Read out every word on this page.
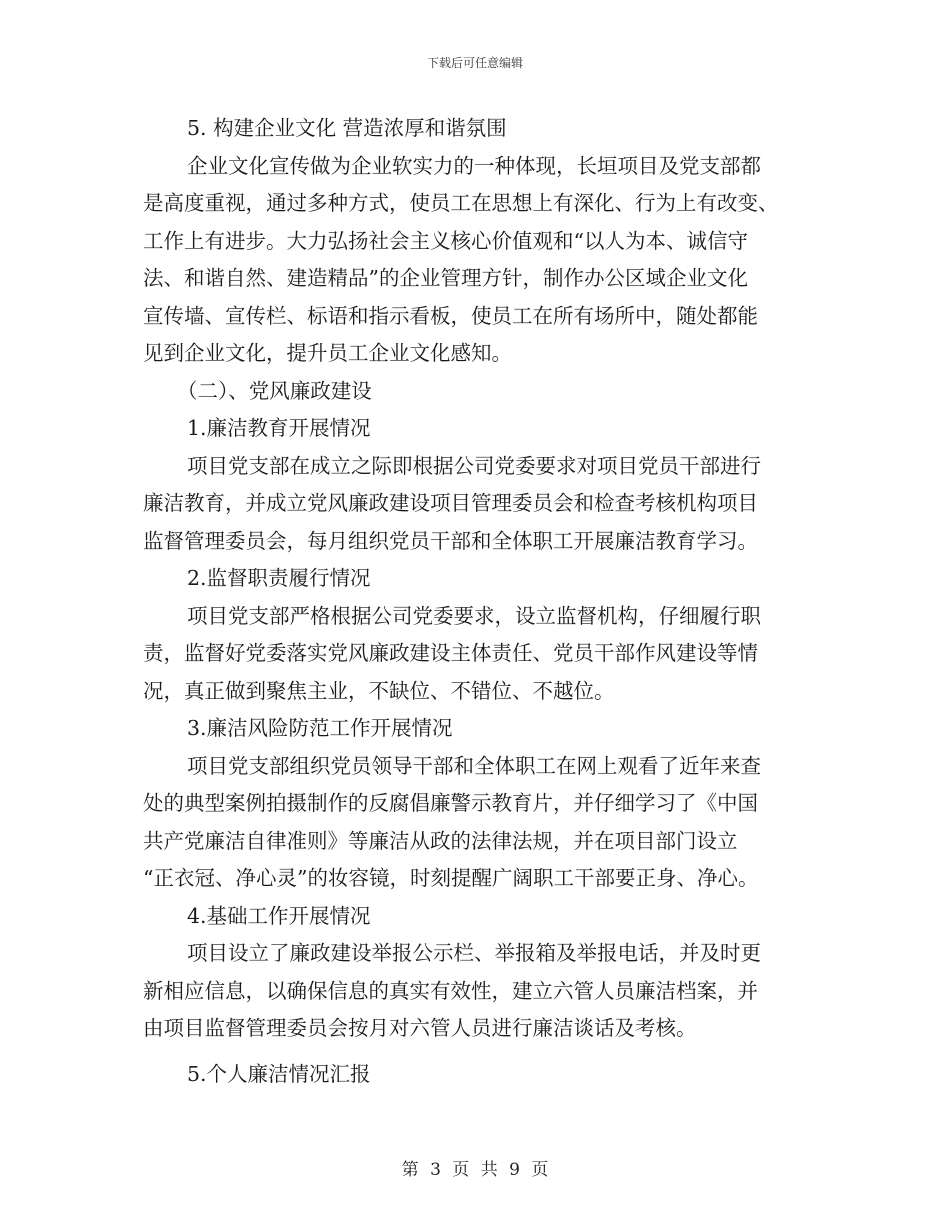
下载后可任意编辑
5. 构建企业文化 营造浓厚和谐氛围
企业文化宣传做为企业软实力的一种体现，长垣项目及党支部都
是高度重视，通过多种方式，使员工在思想上有深化、行为上有改变、
工作上有进步。大力弘扬社会主义核心价值观和“以人为本、诚信守
法、和谐自然、建造精品”的企业管理方针，制作办公区域企业文化
宣传墙、宣传栏、标语和指示看板，使员工在所有场所中，随处都能
见到企业文化，提升员工企业文化感知。
（二）、党风廉政建设
1.廉洁教育开展情况
项目党支部在成立之际即根据公司党委要求对项目党员干部进行
廉洁教育，并成立党风廉政建设项目管理委员会和检查考核机构项目
监督管理委员会，每月组织党员干部和全体职工开展廉洁教育学习。
2.监督职责履行情况
项目党支部严格根据公司党委要求，设立监督机构，仔细履行职
责，监督好党委落实党风廉政建设主体责任、党员干部作风建设等情
况，真正做到聚焦主业，不缺位、不错位、不越位。
3.廉洁风险防范工作开展情况
项目党支部组织党员领导干部和全体职工在网上观看了近年来查
处的典型案例拍摄制作的反腐倡廉警示教育片，并仔细学习了《中国
共产党廉洁自律准则》等廉洁从政的法律法规，并在项目部门设立
“正衣冠、净心灵”的妆容镜，时刻提醒广阔职工干部要正身、净心。
4.基础工作开展情况
项目设立了廉政建设举报公示栏、举报箱及举报电话，并及时更
新相应信息，以确保信息的真实有效性，建立六管人员廉洁档案，并
由项目监督管理委员会按月对六管人员进行廉洁谈话及考核。
5.个人廉洁情况汇报
第 3 页 共 9 页
